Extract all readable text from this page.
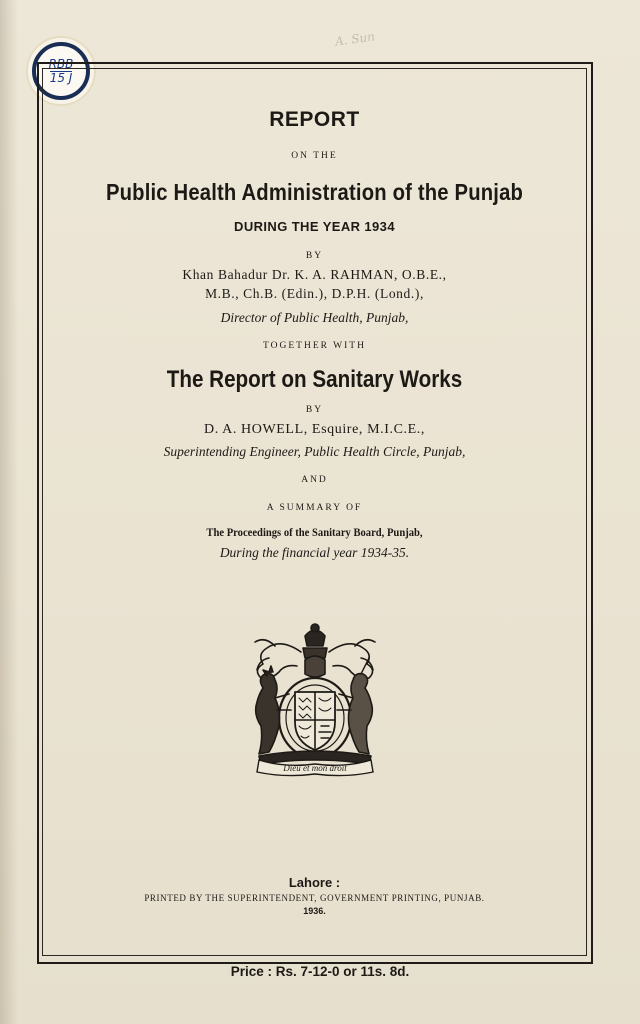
RBB
15 J
A. Sun
REPORT
ON THE
Public Health Administration of the Punjab
DURING THE YEAR 1934
BY
Khan Bahadur Dr. K. A. RAHMAN, O.B.E.,
M.B., Ch.B. (Edin.), D.P.H. (Lond.),
Director of Public Health, Punjab,
TOGETHER WITH
The Report on Sanitary Works
BY
D. A. HOWELL, Esquire, M.I.C.E.,
Superintending Engineer, Public Health Circle, Punjab,
AND
A SUMMARY OF
The Proceedings of the Sanitary Board, Punjab,
During the financial year 1934-35.
Lahore :
PRINTED BY THE SUPERINTENDENT, GOVERNMENT PRINTING, PUNJAB.
1936.
Dieu et mon droit
Price : Rs. 7-12-0 or 11s. 8d.
